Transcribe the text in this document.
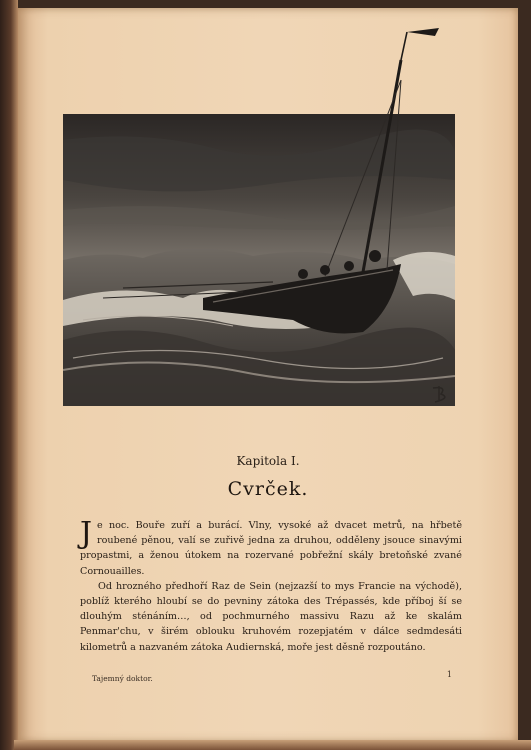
Kapitola I.
Cvrček.

Je noc. Bouře zuří a burácí. Vlny, vysoké až dvacet metrů, na hřbetě roubené pěnou, valí se zuřivě jedna za druhou, odděleny jsouce sinavými propastmi, a ženou útokem na rozervané pobřežní skály bretoňské zvané Cornouailles.

Od hrozného předhoří Raz de Sein (nejzazší to mys Francie na východě), poblíž kterého hloubí se do pevniny zátoka des Trépassés, kde příboj ší se dlouhým sténáním…, od pochmurného massivu Razu až ke skalám Penmar'chu, v širém oblouku kruhovém rozepjatém v dálce sedmdesáti kilometrů a nazvaném zátoka Audiernská, moře jest děsně rozpoutáno.

Tajemný doktor.	1
